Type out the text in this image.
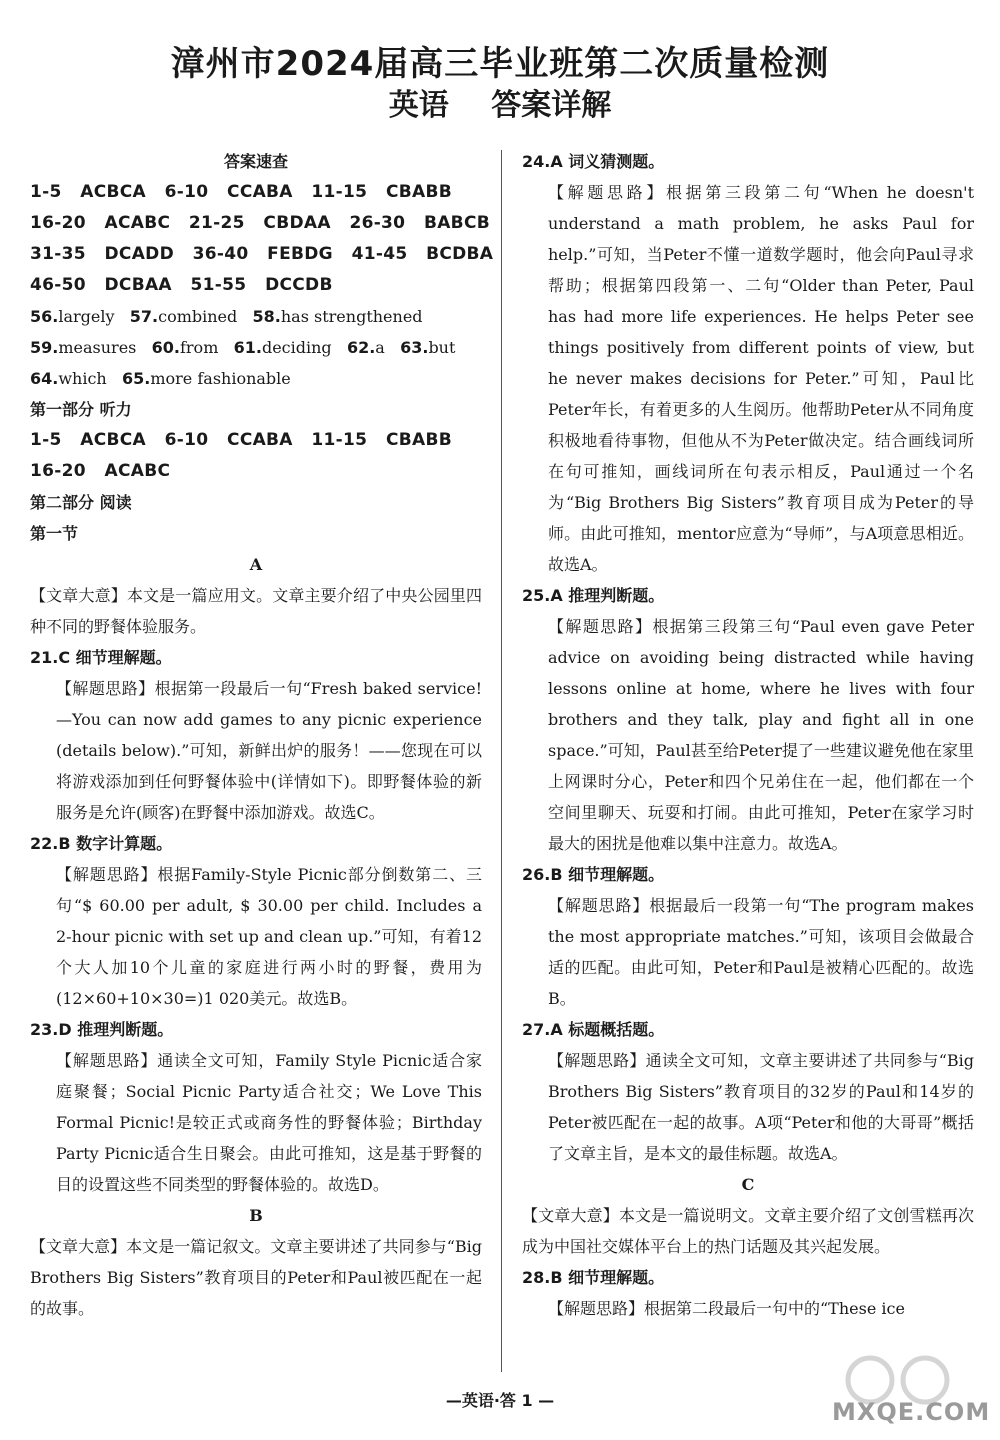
漳州市2024届高三毕业班第二次质量检测
英语 答案详解

答案速查

1-5   ACBCA   6-10   CCABA   11-15   CBABB
16-20   ACABC   21-25   CBDAA   26-30   BABCB
31-35   DCADD   36-40   FEBDG   41-45   BCDBA
46-50   DCBAA   51-55   DCCDB
56.largely 57.combined 58.has strengthened
59.measures 60.from 61.deciding 62.a 63.but
64.which 65.more fashionable

第一部分 听力

1-5   ACBCA   6-10   CCABA   11-15   CBABB
16-20   ACABC

第二部分 阅读

第一节

A

【文章大意】本文是一篇应用文。文章主要介绍了中央公园里四种不同的野餐体验服务。

21.C 细节理解题。

【解题思路】根据第一段最后一句“Fresh baked service! —You can now add games to any picnic experience (details below).”可知，新鲜出炉的服务！——您现在可以将游戏添加到任何野餐体验中(详情如下)。即野餐体验的新服务是允许(顾客)在野餐中添加游戏。故选C。

22.B 数字计算题。

【解题思路】根据Family-Style Picnic部分倒数第二、三句“$ 60.00 per adult, $ 30.00 per child. Includes a 2-hour picnic with set up and clean up.”可知，有着12个大人加10个儿童的家庭进行两小时的野餐，费用为(12×60+10×30=)1 020美元。故选B。

23.D 推理判断题。

【解题思路】通读全文可知，Family Style Picnic适合家庭聚餐；Social Picnic Party适合社交；We Love This Formal Picnic!是较正式或商务性的野餐体验；Birthday Party Picnic适合生日聚会。由此可推知，这是基于野餐的目的设置这些不同类型的野餐体验的。故选D。

B

【文章大意】本文是一篇记叙文。文章主要讲述了共同参与“Big Brothers Big Sisters”教育项目的Peter和Paul被匹配在一起的故事。

24.A 词义猜测题。

【解题思路】根据第三段第二句“When he doesn't understand a math problem, he asks Paul for help.”可知，当Peter不懂一道数学题时，他会向Paul寻求帮助；根据第四段第一、二句“Older than Peter, Paul has had more life experiences. He helps Peter see things positively from different points of view, but he never makes decisions for Peter.”可知，Paul比Peter年长，有着更多的人生阅历。他帮助Peter从不同角度积极地看待事物，但他从不为Peter做决定。结合画线词所在句可推知，画线词所在句表示相反，Paul通过一个名为“Big Brothers Big Sisters”教育项目成为Peter的导师。由此可推知，mentor应意为“导师”，与A项意思相近。故选A。

25.A 推理判断题。

【解题思路】根据第三段第三句“Paul even gave Peter advice on avoiding being distracted while having lessons online at home, where he lives with four brothers and they talk, play and fight all in one space.”可知，Paul甚至给Peter提了一些建议避免他在家里上网课时分心，Peter和四个兄弟住在一起，他们都在一个空间里聊天、玩耍和打闹。由此可推知，Peter在家学习时最大的困扰是他难以集中注意力。故选A。

26.B 细节理解题。

【解题思路】根据最后一段第一句“The program makes the most appropriate matches.”可知，该项目会做最合适的匹配。由此可知，Peter和Paul是被精心匹配的。故选B。

27.A 标题概括题。

【解题思路】通读全文可知，文章主要讲述了共同参与“Big Brothers Big Sisters”教育项目的32岁的Paul和14岁的Peter被匹配在一起的故事。A项“Peter和他的大哥哥”概括了文章主旨，是本文的最佳标题。故选A。

C

【文章大意】本文是一篇说明文。文章主要介绍了文创雪糕再次成为中国社交媒体平台上的热门话题及其兴起发展。

28.B 细节理解题。

【解题思路】根据第二段最后一句中的“These ice

—英语·答 1 —	MXQE.COM
